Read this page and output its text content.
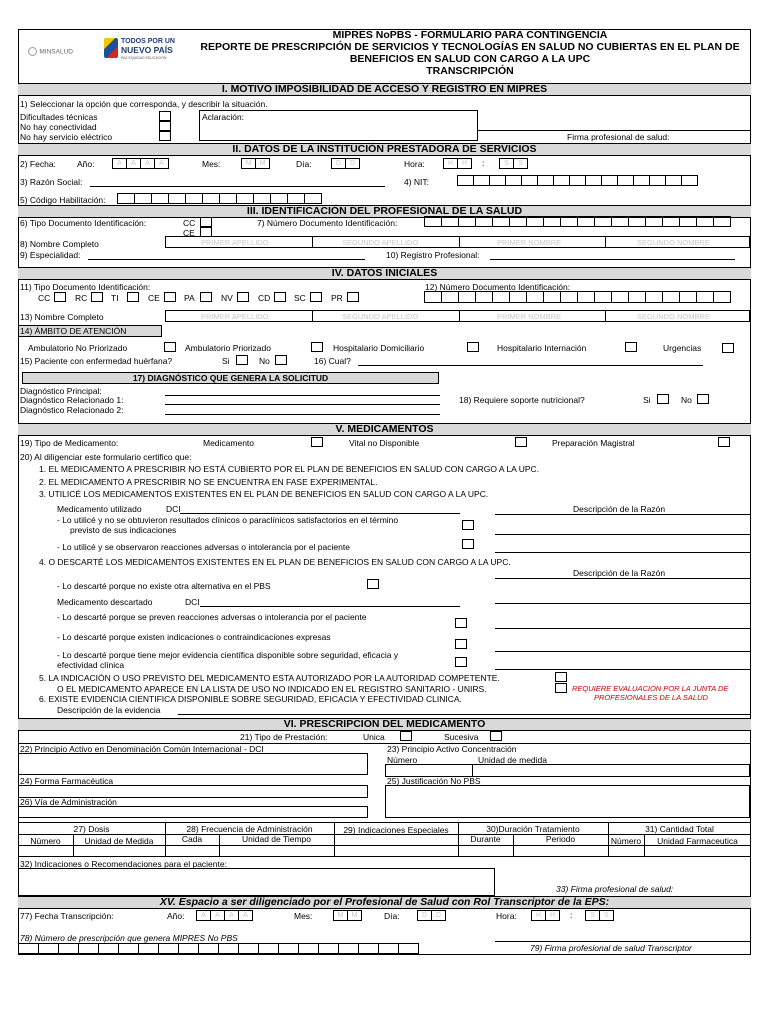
MINSALUD
TODOS POR UN
NUEVO PAÍS
PAZ EQUIDAD EDUCACIÓN
MIPRES NoPBS - FORMULARIO PARA CONTINGENCIA
REPORTE DE PRESCRIPCIÓN DE SERVICIOS Y TECNOLOGÍAS EN SALUD NO CUBIERTAS EN EL PLAN DE
BENEFICIOS EN SALUD CON CARGO A LA UPC
TRANSCRIPCIÓN
I. MOTIVO IMPOSIBILIDAD DE ACCESO Y REGISTRO EN MIPRES
1) Seleccionar la opción que corresponda, y describir la situación.
Dificultades técnicas
No hay conectividad
No hay servicio eléctrico
Aclaración:
Firma profesional de salud:
II. DATOS DE LA INSTITUCIÓN PRESTADORA DE SERVICIOS
2) Fecha: Año:	A	A	A	A	Mes:	M	M	Día:	D	D	Hora:	H	H	:	S	S
3) Razón Social:	4) NIT:
5) Código Habilitación:
III. IDENTIFICACIÓN DEL PROFESIONAL DE LA SALUD
6) Tipo Documento Identificación:	CC
CE
7) Número Documento Identificación:
8) Nombre Completo	PRIMER APELLIDO	SEGUNDO APELLIDO	PRIMER NOMBRE	SEGUNDO NOMBRE
9) Especialidad:	10) Registro Profesional:
IV. DATOS INICIALES
11) Tipo Documento Identificación:	12) Número Documento Identificación:
CC	RC	TI	CE	PA	NV	CD	SC	PR
13) Nombre Completo	PRIMER APELLIDO	SEGUNDO APELLIDO	PRIMER NOMBRE	SEGUNDO NOMBRE
14) ÁMBITO DE ATENCIÓN
Ambulatorio No Priorizado	Ambulatorio Priorizado	Hospitalario Domiciliario	Hospitalario Internación	Urgencias
15) Paciente con enfermedad huérfana?	Si	No	16) Cual?
17) DIAGNÓSTICO QUE GENERA LA SOLICITUD
Diagnóstico Principal:
Diagnóstico Relacionado 1:
Diagnóstico Relacionado 2:
18) Requiere soporte nutricional?	Si	No
V. MEDICAMENTOS
19) Tipo de Medicamento:	Medicamento	Vital no Disponible	Preparación Magistral
20) Al diligenciar este formulario certifico que:
1. EL MEDICAMENTO A PRESCRIBIR NO ESTÁ CUBIERTO POR EL PLAN DE BENEFICIOS EN SALUD CON CARGO A LA UPC.
2. EL MEDICAMENTO A PRESCRIBIR NO SE ENCUENTRA EN FASE EXPERIMENTAL.
3. UTILICÉ LOS MEDICAMENTOS EXISTENTES EN EL PLAN DE BENEFICIOS EN SALUD CON CARGO A LA UPC.
Medicamento utilizado	DCI	Descripción de la Razón
- Lo utilicé y no se obtuvieron resultados clínicos o paraclínicos satisfactorios en el término
previsto de sus indicaciones
- Lo utilicé y se observaron reacciones adversas o intolerancia por el paciente
4. O DESCARTÉ LOS MEDICAMENTOS EXISTENTES EN EL PLAN DE BENEFICIOS EN SALUD CON CARGO A LA UPC.
Descripción de la Razón
- Lo descarté porque no existe otra alternativa en el PBS
Medicamento descartado	DCI
- Lo descarté porque se preven reacciones adversas o intolerancia por el paciente
- Lo descarté porque existen indicaciones o contraindicaciones expresas
- Lo descarté porque tiene mejor evidencia científica disponible sobre seguridad, eficacia y
efectividad clínica
5. LA INDICACIÓN O USO PREVISTO DEL MEDICAMENTO ESTA AUTORIZADO POR LA AUTORIDAD COMPETENTE.
O EL MEDICAMENTO APARECE EN LA LISTA DE USO NO INDICADO EN EL REGISTRO SANITARIO - UNIRS.	REQUIERE EVALUACION POR LA JUNTA DE
PROFESIONALES DE LA SALUD
6. EXISTE EVIDENCIA CIENTIFICA DISPONIBLE SOBRE SEGURIDAD, EFICACIA Y EFECTIVIDAD CLINICA.
Descripción de la evidencia
VI. PRESCRIPCION DEL MEDICAMENTO
21) Tipo de Prestación:	Unica	Sucesiva
22) Principio Activo en Denominación Común Internacional - DCI	23) Principio Activo Concentración
Número	Unidad de medida
24) Forma Farmacéutica	25) Justificación No PBS
26) Vía de Administración
27) Dosis	28) Frecuencia de Administración	29) Indicaciones Especiales	30)Duración Tratamiento	31) Cantidad Total
Número	Unidad de Medida	Cada	Unidad de Tiempo	Durante	Periodo	Número	Unidad Farmaceutica
32) Indicaciones o Recomendaciones para el paciente:
33) Firma profesional de salud:
XV. Espacio a ser diligenciado por el Profesional de Salud con Rol Transcriptor de la EPS:
77) Fecha Transcripción:	Año:	A	A	A	A	Mes:	M	M	Día:	D	D	Hora:	H	H	:	S	S
78) Número de prescripción que genera MIPRES No PBS
79) Firma profesional de salud Transcriptor
